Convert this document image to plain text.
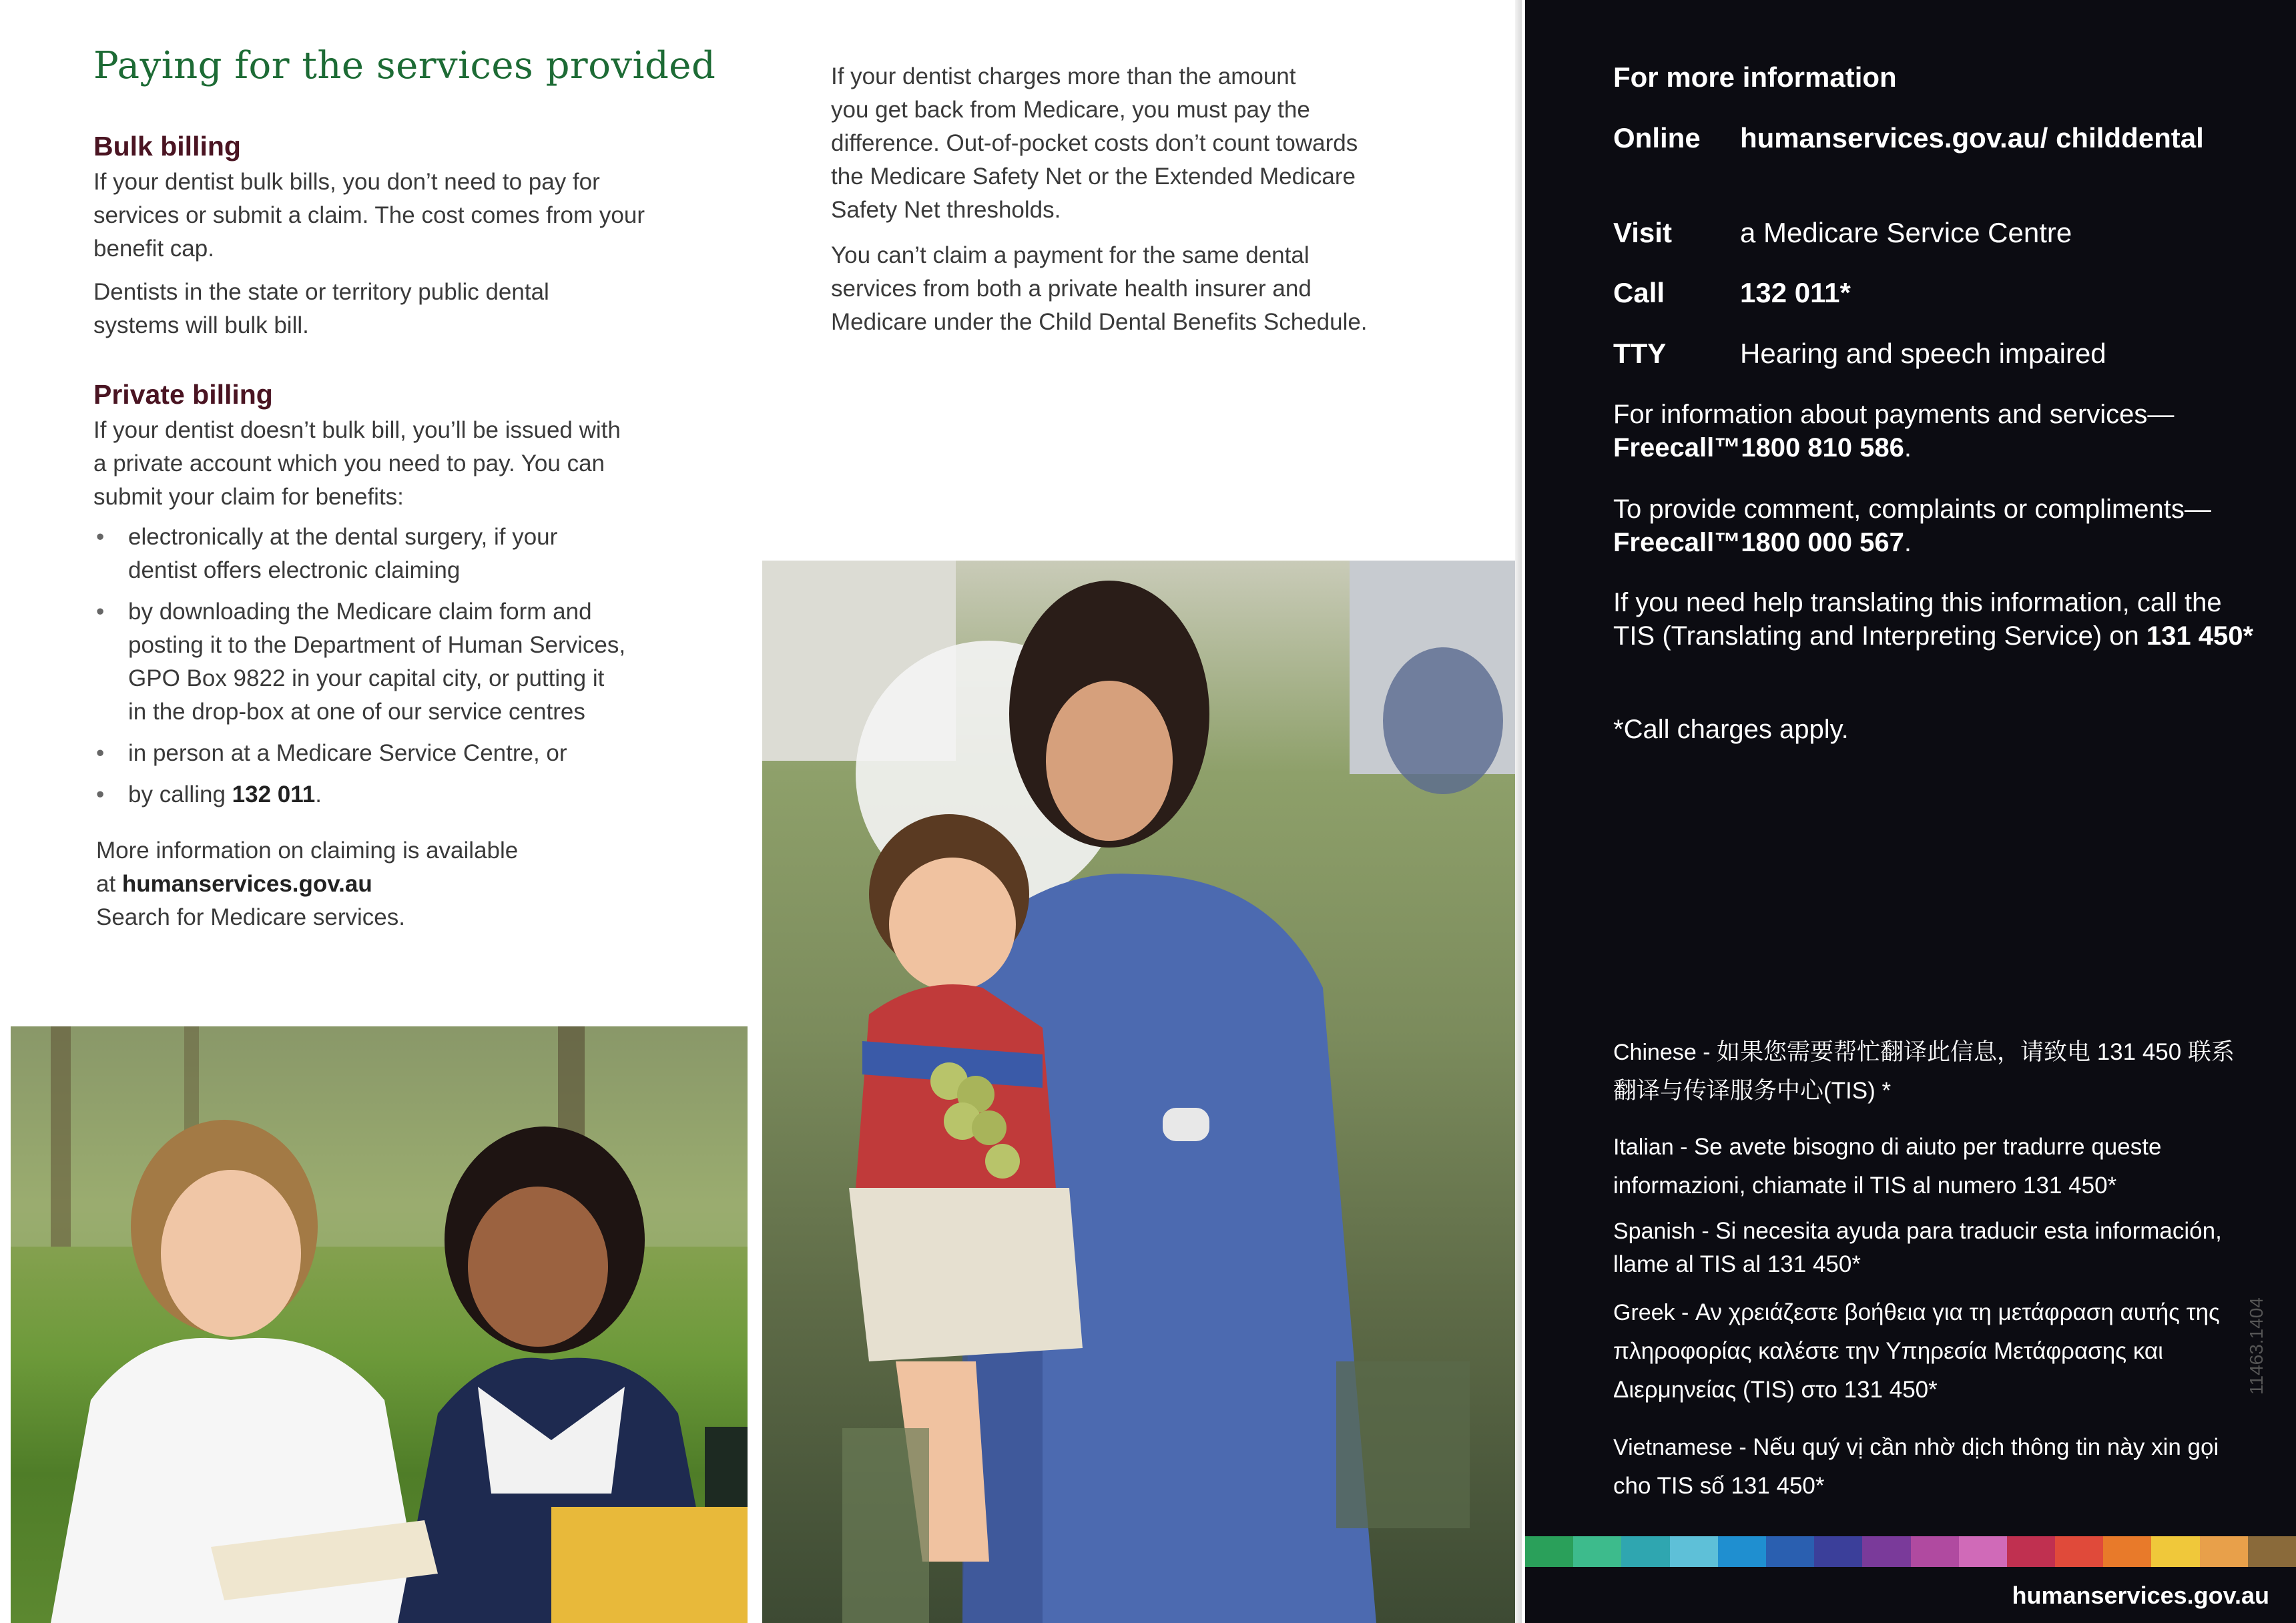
Paying for the services provided
Bulk billing

If your dentist bulk bills, you don’t need to pay for
services or submit a claim. The cost comes from your
benefit cap.

Dentists in the state or territory public dental
systems will bulk bill.

Private billing

If your dentist doesn’t bulk bill, you’ll be issued with
a private account which you need to pay. You can
submit your claim for benefits:

• electronically at the dental surgery, if your
dentist offers electronic claiming
• by downloading the Medicare claim form and
posting it to the Department of Human Services,
GPO Box 9822 in your capital city, or putting it
in the drop-box at one of our service centres
• in person at a Medicare Service Centre, or
• by calling 132 011.

More information on claiming is available
at humanservices.gov.au
Search for Medicare services.

If your dentist charges more than the amount
you get back from Medicare, you must pay the
difference. Out-of-pocket costs don’t count towards
the Medicare Safety Net or the Extended Medicare
Safety Net thresholds.

You can’t claim a payment for the same dental
services from both a private health insurer and
Medicare under the Child Dental Benefits Schedule.

For more information
Online humanservices.gov.au/ childdental
Visit a Medicare Service Centre
Call	132 011*
TTY	Hearing and speech impaired

For information about payments and services—Freecall™1800 810 586.

To provide comment, complaints or compliments—Freecall™1800 000 567.

If you need help translating this information, call the TIS (Translating and Interpreting Service) on 131 450*

*Call charges apply.

Chinese - 如果您需要帮忙翻译此信息，请致电 131 450 联系翻译与传译服务中心(TIS) *

Italian - Se avete bisogno di aiuto per tradurre queste informazioni, chiamate il TIS al numero 131 450*

Spanish - Si necesita ayuda para traducir esta información, llame al TIS al 131 450*

Greek - Αν χρειάζεστε βοήθεια για τη μετάφραση αυτής της πληροφορίας καλέστε την Υπηρεσία Μετάφρασης και Διερμηνείας (TIS) στο 131 450*

Vietnamese - Nếu quý vị cần nhờ dịch thông tin này xin gọi cho TIS số 131 450*

11463.1404

humanservices.gov.au
